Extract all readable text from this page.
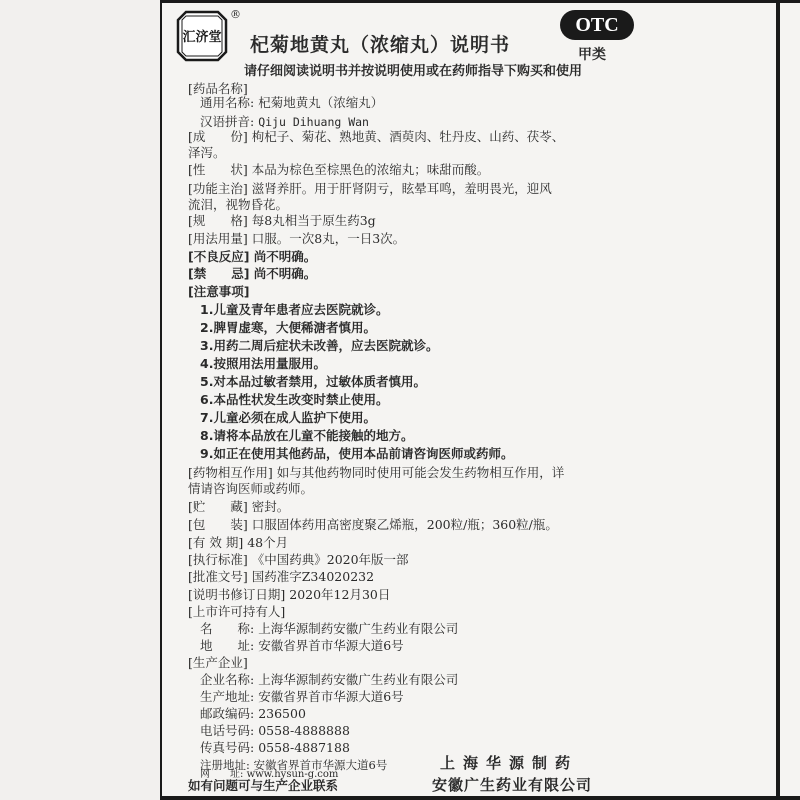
汇济堂
®
杞菊地黄丸（浓缩丸）说明书
请仔细阅读说明书并按说明使用或在药师指导下购买和使用
OTC
甲类
[药品名称]
通用名称: 杞菊地黄丸（浓缩丸）
汉语拼音: Qiju Dihuang Wan
[成　　份] 枸杞子、菊花、熟地黄、酒萸肉、牡丹皮、山药、茯苓、
泽泻。
[性　　状] 本品为棕色至棕黑色的浓缩丸；味甜而酸。
[功能主治] 滋肾养肝。用于肝肾阴亏，眩晕耳鸣，羞明畏光，迎风
流泪，视物昏花。
[规　　格] 每8丸相当于原生药3g
[用法用量] 口服。一次8丸，一日3次。
[不良反应] 尚不明确。
[禁　　忌] 尚不明确。
[注意事项]
1.儿童及青年患者应去医院就诊。
2.脾胃虚寒，大便稀溏者慎用。
3.用药二周后症状未改善，应去医院就诊。
4.按照用法用量服用。
5.对本品过敏者禁用，过敏体质者慎用。
6.本品性状发生改变时禁止使用。
7.儿童必须在成人监护下使用。
8.请将本品放在儿童不能接触的地方。
9.如正在使用其他药品，使用本品前请咨询医师或药师。
[药物相互作用] 如与其他药物同时使用可能会发生药物相互作用，详
情请咨询医师或药师。
[贮　　藏] 密封。
[包　　装] 口服固体药用高密度聚乙烯瓶，200粒/瓶；360粒/瓶。
[有 效 期] 48个月
[执行标准] 《中国药典》2020年版一部
[批准文号] 国药准字Z34020232
[说明书修订日期] 2020年12月30日
[上市许可持有人]
名　　称: 上海华源制药安徽广生药业有限公司
地　　址: 安徽省界首市华源大道6号
[生产企业]
企业名称: 上海华源制药安徽广生药业有限公司
生产地址: 安徽省界首市华源大道6号
邮政编码: 236500
电话号码: 0558-4888888
传真号码: 0558-4887188
注册地址: 安徽省界首市华源大道6号
网　　址: www.hysun-g.com
上海华源制药
安徽广生药业有限公司
如有问题可与生产企业联系
